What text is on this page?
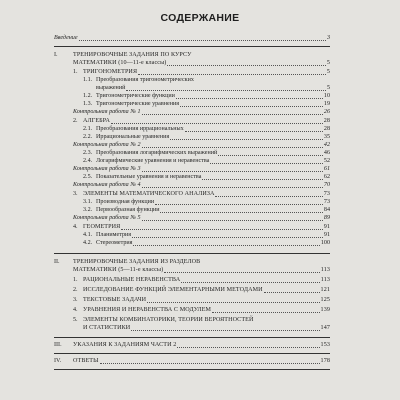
СОДЕРЖАНИЕ
Введение	3
I.	ТРЕНИРОВОЧНЫЕ ЗАДАНИЯ ПО КУРСУ
МАТЕМАТИКИ (10—11-е классы)	5
1. ТРИГОНОМЕТРИЯ	5
1.1. Преобразования тригонометрических
выражений	5
1.2. Тригонометрические функции	10
1.3. Тригонометрические уравнения	19
Контрольная работа № 1	26
2. АЛГЕБРА	28
2.1. Преобразования иррациональных	28
2.2. Иррациональные уравнения	35
Контрольная работа № 2	42
2.3. Преобразования логарифмических выражений	46
2.4. Логарифмические уравнения и неравенства	52
Контрольная работа № 3	61
2.5. Показательные уравнения и неравенства	62
Контрольная работа № 4	70
3. ЭЛЕМЕНТЫ МАТЕМАТИЧЕСКОГО АНАЛИЗА	73
3.1. Производная функции	73
3.2. Первообразная функции	84
Контрольная работа № 5	89
4. ГЕОМЕТРИЯ	91
4.1. Планиметрия	91
4.2. Стереометрия	100
II. ТРЕНИРОВОЧНЫЕ ЗАДАНИЯ ИЗ РАЗДЕЛОВ
МАТЕМАТИКИ (5—11-е классы)	113
1. РАЦИОНАЛЬНЫЕ НЕРАВЕНСТВА	113
2. ИССЛЕДОВАНИЕ ФУНКЦИЙ ЭЛЕМЕНТАРНЫМИ МЕТОДАМИ	121
3. ТЕКСТОВЫЕ ЗАДАЧИ	125
4. УРАВНЕНИЯ И НЕРАВЕНСТВА С МОДУЛЕМ	139
5. ЭЛЕМЕНТЫ КОМБИНАТОРИКИ, ТЕОРИИ ВЕРОЯТНОСТЕЙ
И СТАТИСТИКИ	147
III. УКАЗАНИЯ К ЗАДАНИЯМ ЧАСТИ 2	153
IV. ОТВЕТЫ	178
